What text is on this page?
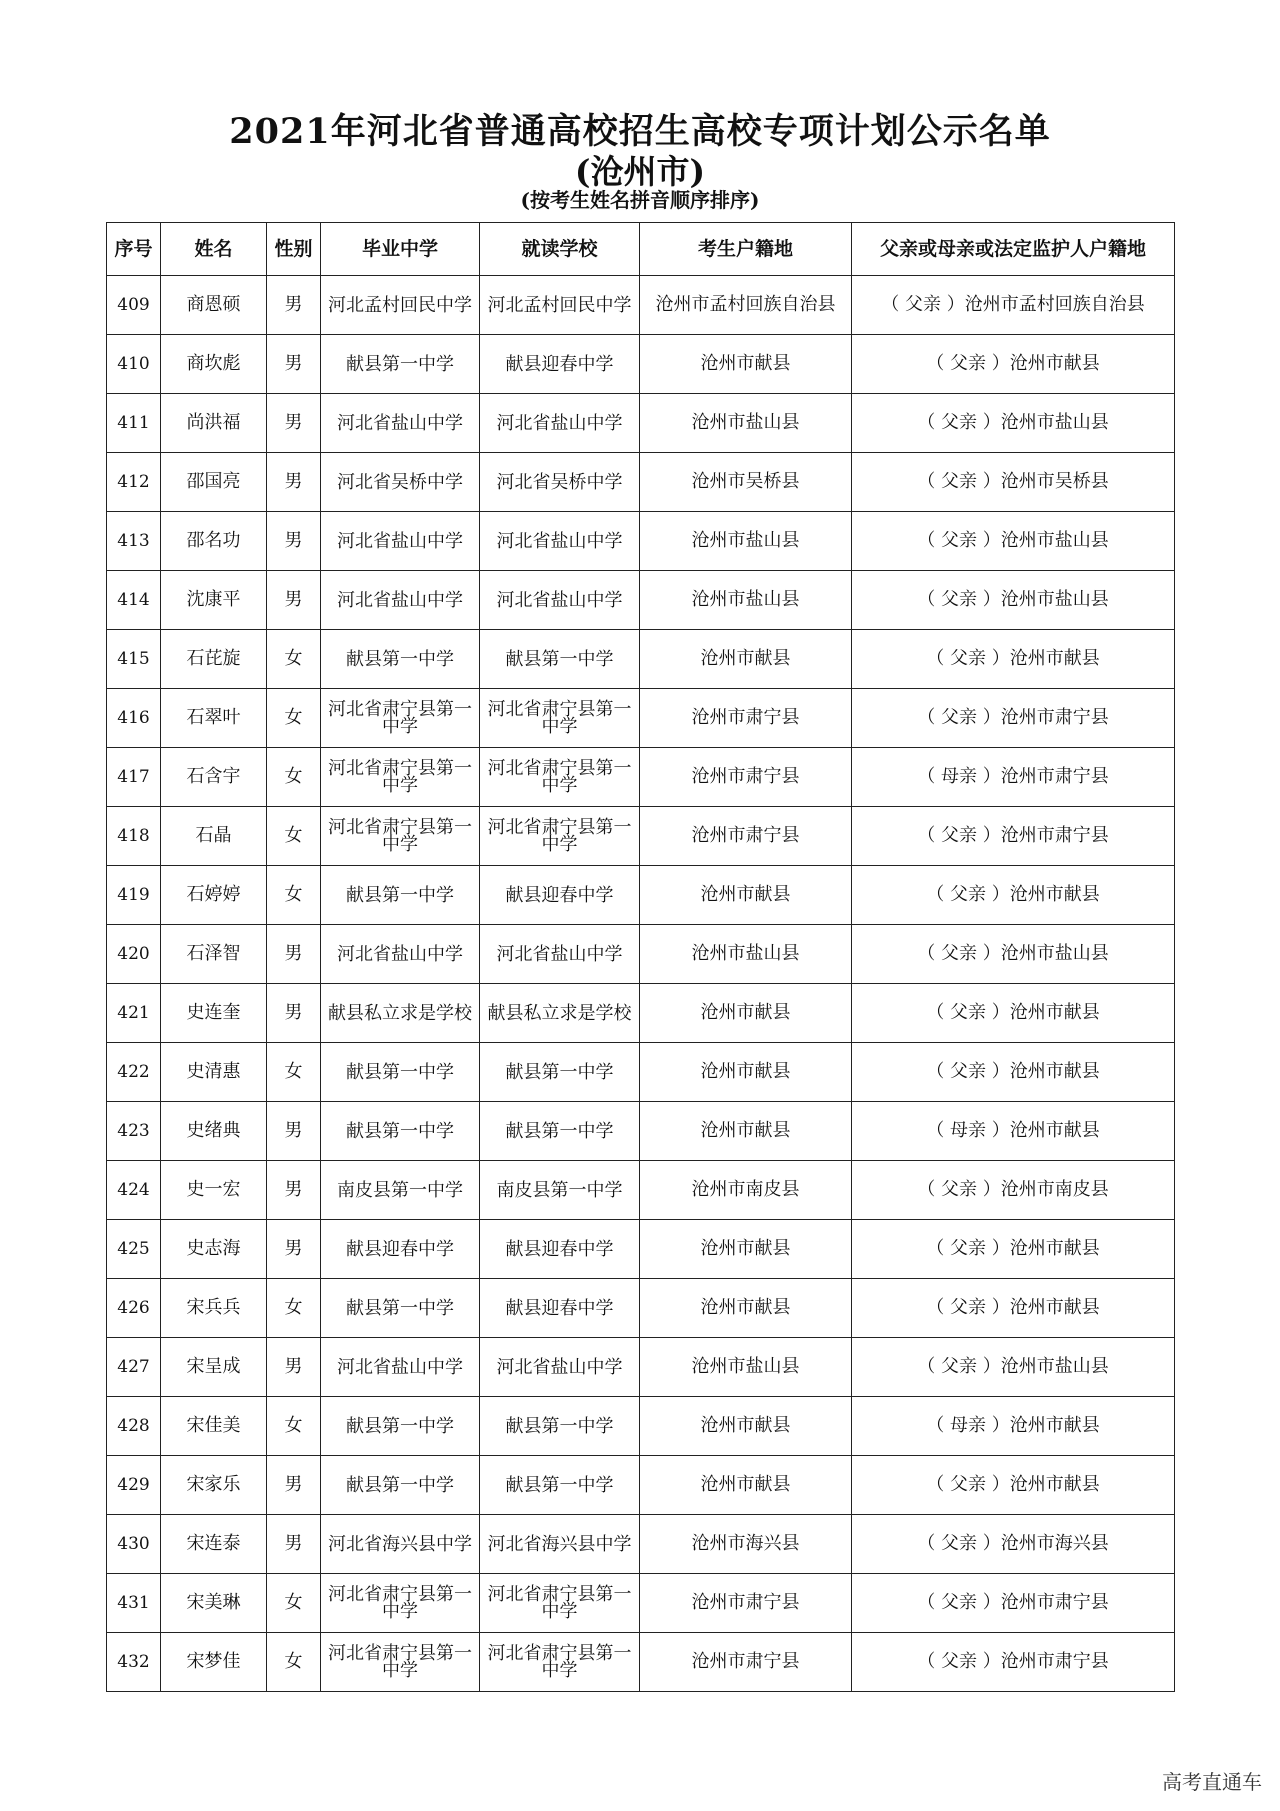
2021年河北省普通高校招生高校专项计划公示名单
(沧州市)
(按考生姓名拼音顺序排序)
序号	姓名	性别	毕业中学	就读学校	考生户籍地	父亲或母亲或法定监护人户籍地
409	商恩硕	男	河北孟村回民中学	河北孟村回民中学	沧州市孟村回族自治县	（ 父亲 ）沧州市孟村回族自治县
410	商坎彪	男	献县第一中学	献县迎春中学	沧州市献县	（ 父亲 ）沧州市献县
411	尚洪福	男	河北省盐山中学	河北省盐山中学	沧州市盐山县	（ 父亲 ）沧州市盐山县
412	邵国亮	男	河北省吴桥中学	河北省吴桥中学	沧州市吴桥县	（ 父亲 ）沧州市吴桥县
413	邵名功	男	河北省盐山中学	河北省盐山中学	沧州市盐山县	（ 父亲 ）沧州市盐山县
414	沈康平	男	河北省盐山中学	河北省盐山中学	沧州市盐山县	（ 父亲 ）沧州市盐山县
415	石芘旋	女	献县第一中学	献县第一中学	沧州市献县	（ 父亲 ）沧州市献县
416	石翠叶	女	河北省肃宁县第一中学	河北省肃宁县第一中学	沧州市肃宁县	（ 父亲 ）沧州市肃宁县
417	石含宇	女	河北省肃宁县第一中学	河北省肃宁县第一中学	沧州市肃宁县	（ 母亲 ）沧州市肃宁县
418	石晶	女	河北省肃宁县第一中学	河北省肃宁县第一中学	沧州市肃宁县	（ 父亲 ）沧州市肃宁县
419	石婷婷	女	献县第一中学	献县迎春中学	沧州市献县	（ 父亲 ）沧州市献县
420	石泽智	男	河北省盐山中学	河北省盐山中学	沧州市盐山县	（ 父亲 ）沧州市盐山县
421	史连奎	男	献县私立求是学校	献县私立求是学校	沧州市献县	（ 父亲 ）沧州市献县
422	史清惠	女	献县第一中学	献县第一中学	沧州市献县	（ 父亲 ）沧州市献县
423	史绪典	男	献县第一中学	献县第一中学	沧州市献县	（ 母亲 ）沧州市献县
424	史一宏	男	南皮县第一中学	南皮县第一中学	沧州市南皮县	（ 父亲 ）沧州市南皮县
425	史志海	男	献县迎春中学	献县迎春中学	沧州市献县	（ 父亲 ）沧州市献县
426	宋兵兵	女	献县第一中学	献县迎春中学	沧州市献县	（ 父亲 ）沧州市献县
427	宋呈成	男	河北省盐山中学	河北省盐山中学	沧州市盐山县	（ 父亲 ）沧州市盐山县
428	宋佳美	女	献县第一中学	献县第一中学	沧州市献县	（ 母亲 ）沧州市献县
429	宋家乐	男	献县第一中学	献县第一中学	沧州市献县	（ 父亲 ）沧州市献县
430	宋连泰	男	河北省海兴县中学	河北省海兴县中学	沧州市海兴县	（ 父亲 ）沧州市海兴县
431	宋美琳	女	河北省肃宁县第一中学	河北省肃宁县第一中学	沧州市肃宁县	（ 父亲 ）沧州市肃宁县
432	宋梦佳	女	河北省肃宁县第一中学	河北省肃宁县第一中学	沧州市肃宁县	（ 父亲 ）沧州市肃宁县
高考直通车
